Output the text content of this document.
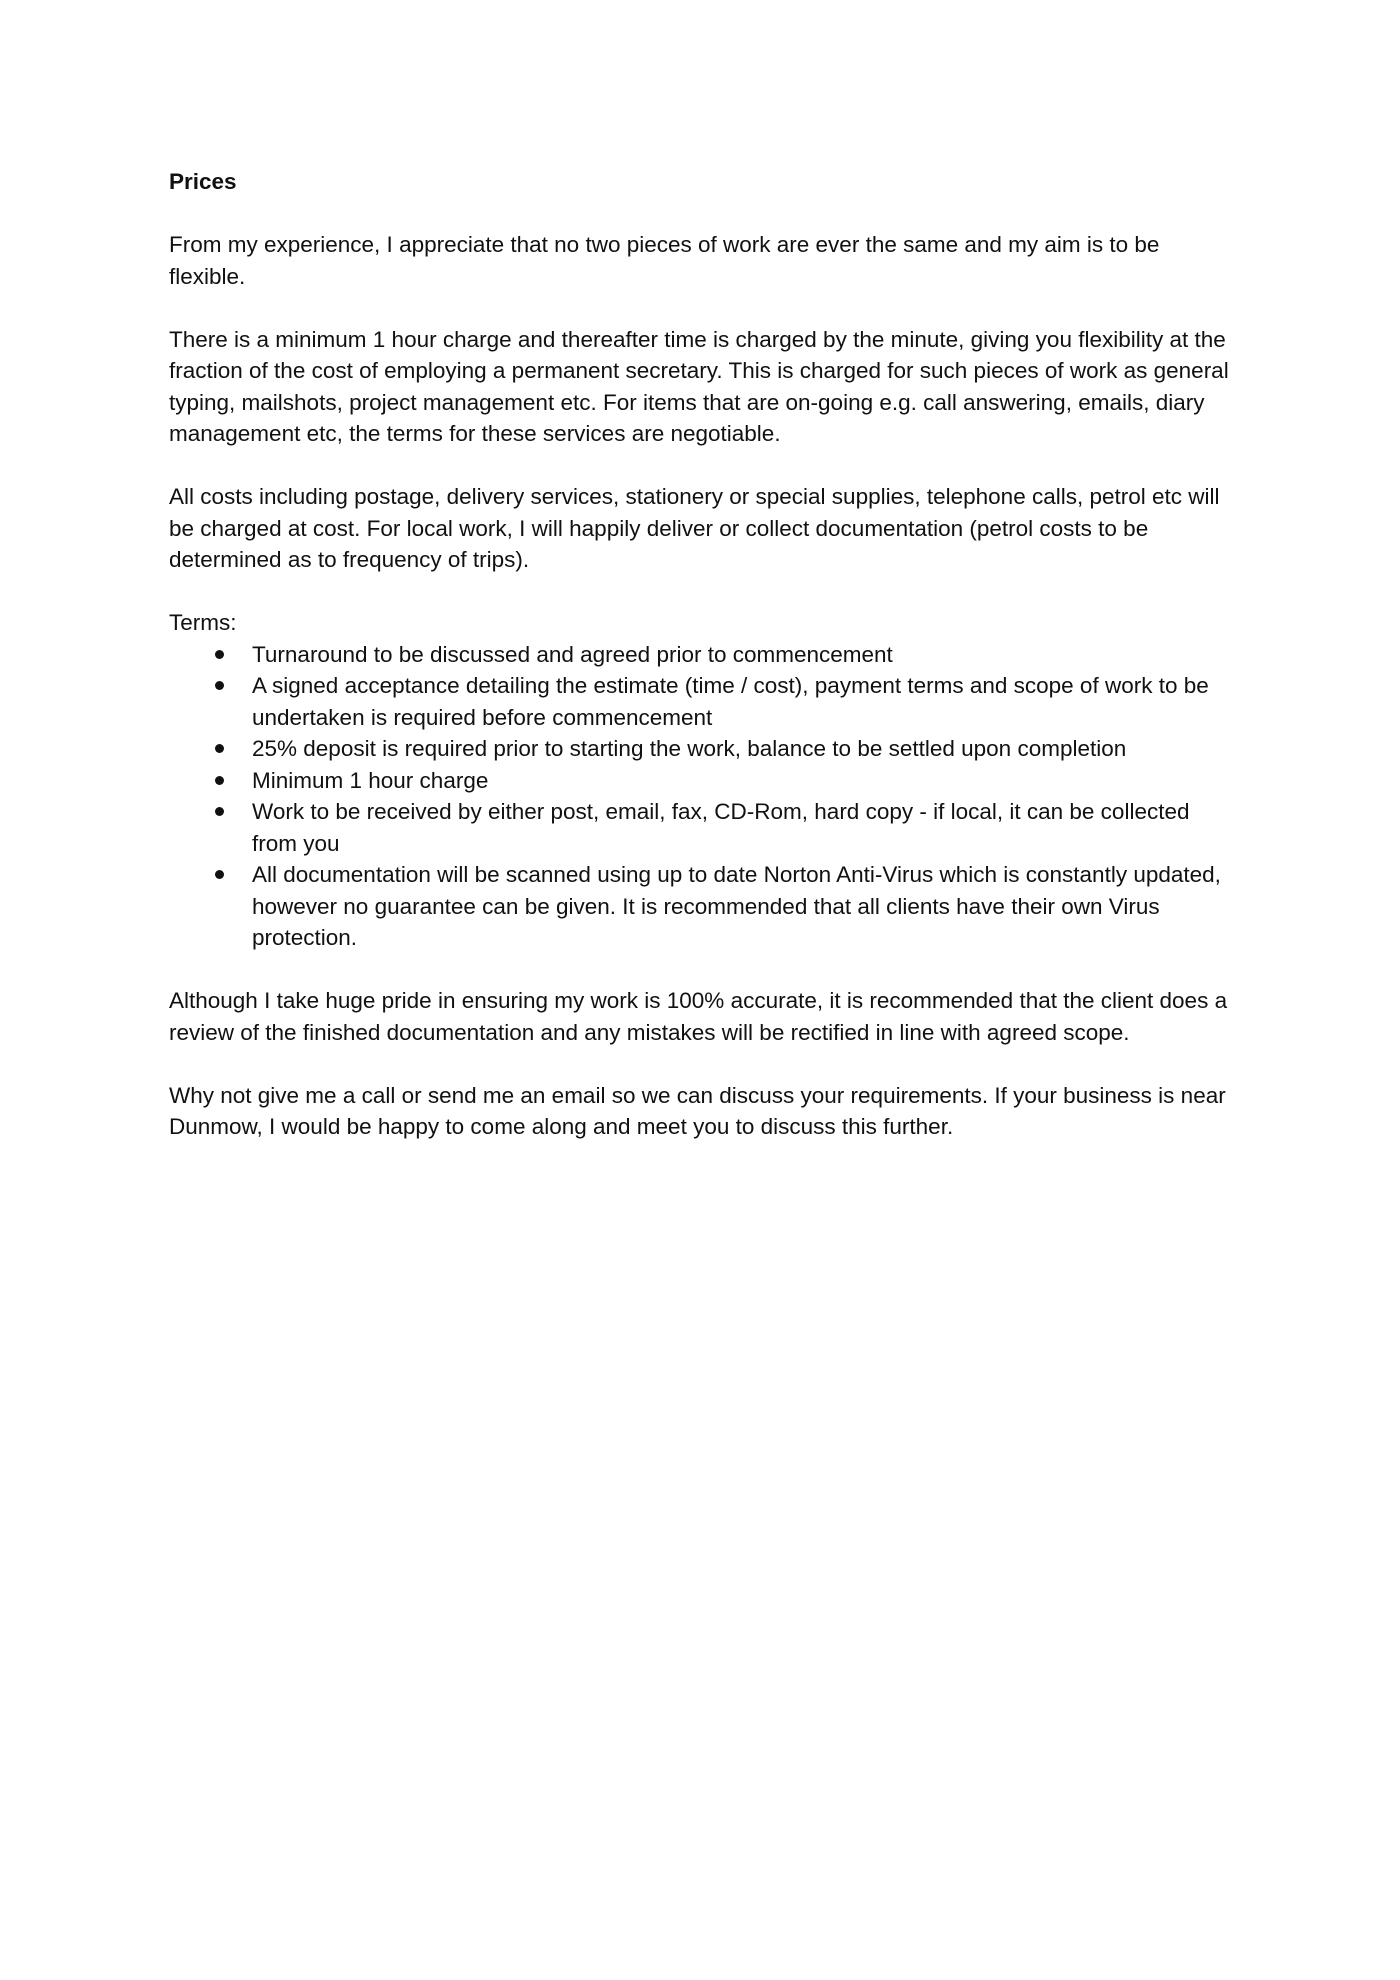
Prices

From my experience, I appreciate that no two pieces of work are ever the same and my aim is to be flexible.

There is a minimum 1 hour charge and thereafter time is charged by the minute, giving you flexibility at the fraction of the cost of employing a permanent secretary. This is charged for such pieces of work as general typing, mailshots, project management etc. For items that are on-going e.g. call answering, emails, diary management etc, the terms for these services are negotiable.

All costs including postage, delivery services, stationery or special supplies, telephone calls, petrol etc will be charged at cost. For local work, I will happily deliver or collect documentation (petrol costs to be determined as to frequency of trips).

Terms:

Turnaround to be discussed and agreed prior to commencement
A signed acceptance detailing the estimate (time / cost), payment terms and scope of work to be undertaken is required before commencement
25% deposit is required prior to starting the work, balance to be settled upon completion
Minimum 1 hour charge
Work to be received by either post, email, fax, CD-Rom, hard copy - if local, it can be collected from you
All documentation will be scanned using up to date Norton Anti-Virus which is constantly updated, however no guarantee can be given. It is recommended that all clients have their own Virus protection.

Although I take huge pride in ensuring my work is 100% accurate, it is recommended that the client does a review of the finished documentation and any mistakes will be rectified in line with agreed scope.

Why not give me a call or send me an email so we can discuss your requirements. If your business is near Dunmow, I would be happy to come along and meet you to discuss this further.
